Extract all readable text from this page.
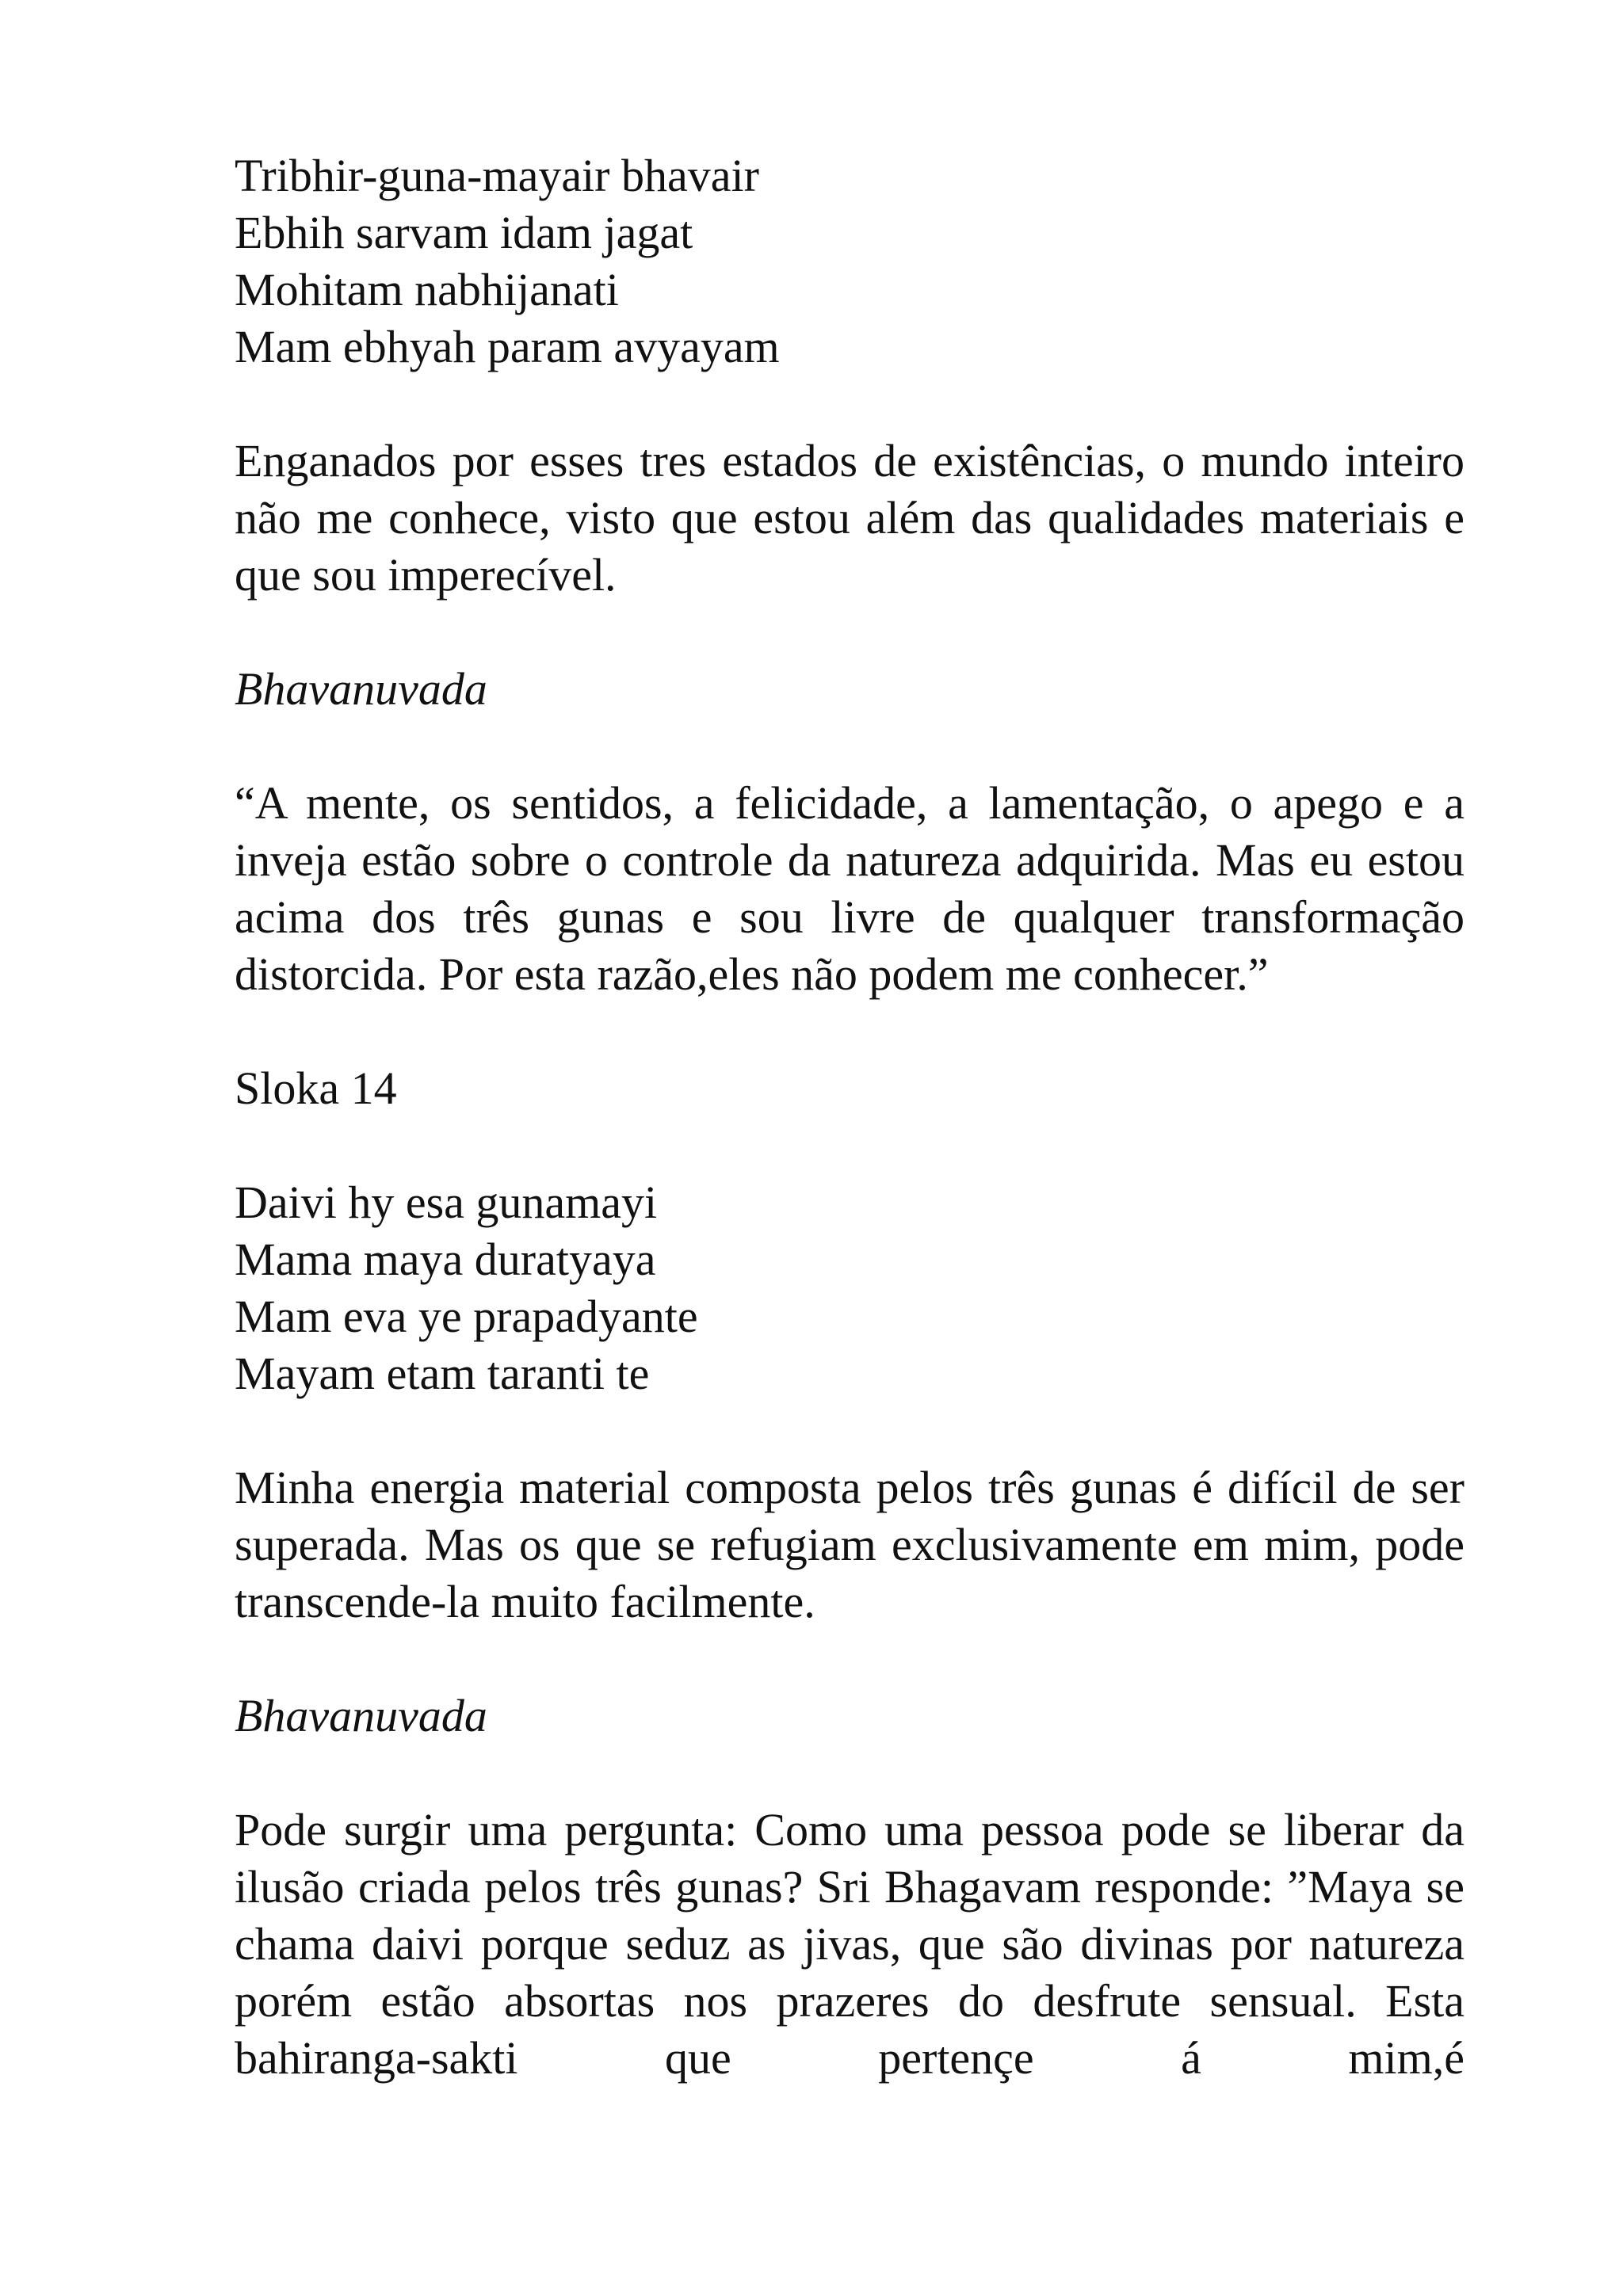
Tribhir-guna-mayair bhavair
Ebhih sarvam idam jagat
Mohitam nabhijanati
Mam ebhyah param avyayam

Enganados por esses tres estados de existências, o mundo inteiro não me conhece, visto que estou além das qualidades materiais e que sou imperecível.

Bhavanuvada

“A mente, os sentidos, a felicidade, a lamentação, o apego e a inveja estão sobre o controle da natureza adquirida. Mas eu estou acima dos três gunas e sou livre de qualquer transformação distorcida. Por esta razão,eles não podem me conhecer.”

Sloka 14

Daivi hy esa gunamayi
Mama maya duratyaya
Mam eva ye prapadyante
Mayam etam taranti te

Minha energia material composta pelos três gunas é difícil de ser superada. Mas os que se refugiam exclusivamente em mim, pode transcende-la muito facilmente.

Bhavanuvada

Pode surgir uma pergunta: Como uma pessoa pode se liberar da ilusão criada pelos três gunas? Sri Bhagavam responde: ”Maya se chama daivi porque seduz as jivas, que são divinas por natureza porém estão absortas nos prazeres do desfrute sensual. Esta bahiranga-sakti que pertençe á mim,é
